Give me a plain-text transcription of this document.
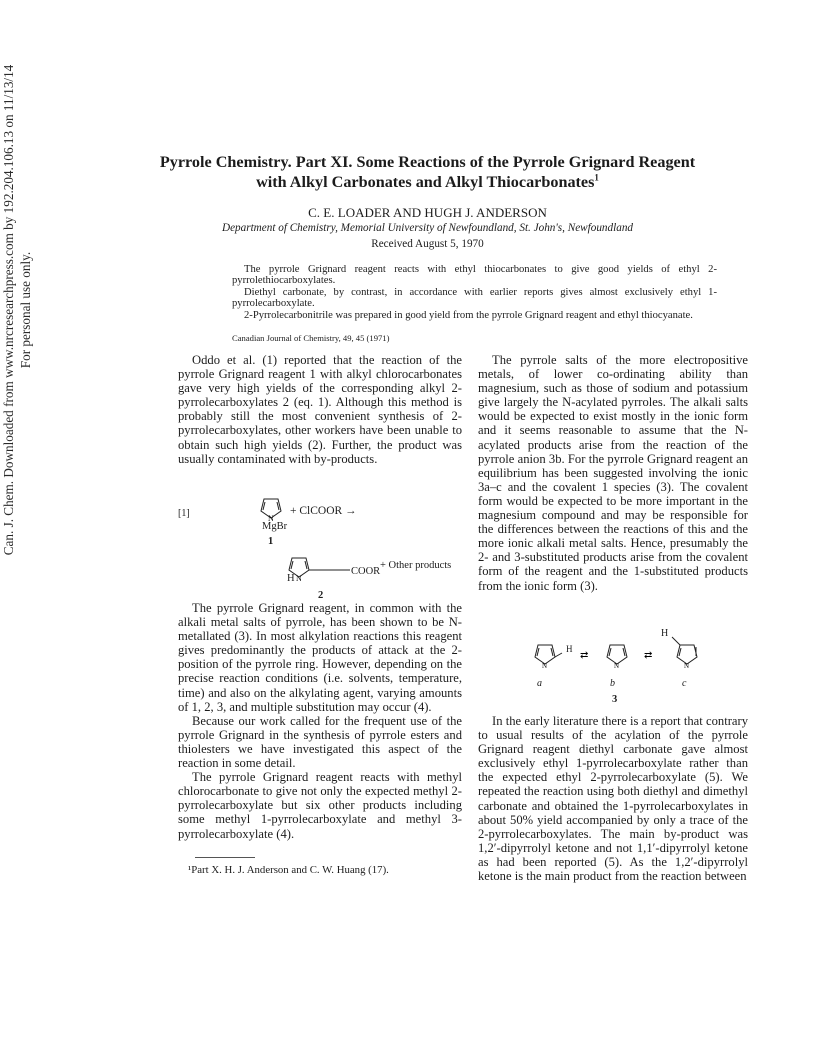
Can. J. Chem. Downloaded from www.nrcresearchpress.com by 192.204.106.13 on 11/13/14 For personal use only.
Pyrrole Chemistry. Part XI. Some Reactions of the Pyrrole Grignard Reagent with Alkyl Carbonates and Alkyl Thiocarbonates$^1$
C. E. LOADER AND HUGH J. ANDERSON
Department of Chemistry, Memorial University of Newfoundland, St. John's, Newfoundland
Received August 5, 1970

The pyrrole Grignard reagent reacts with ethyl thiocarbonates to give good yields of ethyl 2-pyrrolethiocarboxylates.

Diethyl carbonate, by contrast, in accordance with earlier reports gives almost exclusively ethyl 1-pyrrolecarboxylate.

2-Pyrrolecarbonitrile was prepared in good yield from the pyrrole Grignard reagent and ethyl thiocyanate.

Canadian Journal of Chemistry, 49, 45 (1971)

Oddo et al. (1) reported that the reaction of the pyrrole Grignard reagent 1 with alkyl chlorocarbonates gave very high yields of the corresponding alkyl 2-pyrrolecarboxylates 2 (eq. 1). Although this method is probably still the most convenient synthesis of 2-pyrrolecarboxylates, other workers have been unable to obtain such high yields (2). Further, the product was usually contaminated with by-products.

[1]	N
+ ClCOOR →
MgBr
1
N
COOR
H
+ Other products
2

The pyrrole Grignard reagent, in common with the alkali metal salts of pyrrole, has been shown to be N-metallated (3). In most alkylation reactions this reagent gives predominantly the products of attack at the 2-position of the pyrrole ring. However, depending on the precise reaction conditions (i.e. solvents, temperature, time) and also on the alkylating agent, varying amounts of 1, 2, 3, and multiple substitution may occur (4).

Because our work called for the frequent use of the pyrrole Grignard in the synthesis of pyrrole esters and thiolesters we have investigated this aspect of the reaction in some detail.

The pyrrole Grignard reagent reacts with methyl chlorocarbonate to give not only the expected methyl 2-pyrrolecarboxylate but six other products including some methyl 1-pyrrolecarboxylate and methyl 3-pyrrolecarboxylate (4).

¹Part X. H. J. Anderson and C. W. Huang (17).

The pyrrole salts of the more electropositive metals, of lower co-ordinating ability than magnesium, such as those of sodium and potassium give largely the N-acylated pyrroles. The alkali salts would be expected to exist mostly in the ionic form and it seems reasonable to assume that the N-acylated products arise from the reaction of the pyrrole anion 3b. For the pyrrole Grignard reagent an equilibrium has been suggested involving the ionic 3a–c and the covalent 1 species (3). The covalent form would be expected to be more important in the magnesium compound and may be responsible for the differences between the reactions of this and the more ionic alkali metal salts. Hence, presumably the 2- and 3-substituted products arise from the covalent form of the reagent and the 1-substituted products from the ionic form (3).

N
⇄
N
⇄
N
H
H
a	b	c
3

In the early literature there is a report that contrary to usual results of the acylation of the pyrrole Grignard reagent diethyl carbonate gave almost exclusively ethyl 1-pyrrolecarboxylate rather than the expected ethyl 2-pyrrolecarboxylate (5). We repeated the reaction using both diethyl and dimethyl carbonate and obtained the 1-pyrrolecarboxylates in about 50% yield accompanied by only a trace of the 2-pyrrolecarboxylates. The main by-product was 1,2′-dipyrrolyl ketone and not 1,1′-dipyrrolyl ketone as had been reported (5). As the 1,2′-dipyrrolyl ketone is the main product from the reaction between
